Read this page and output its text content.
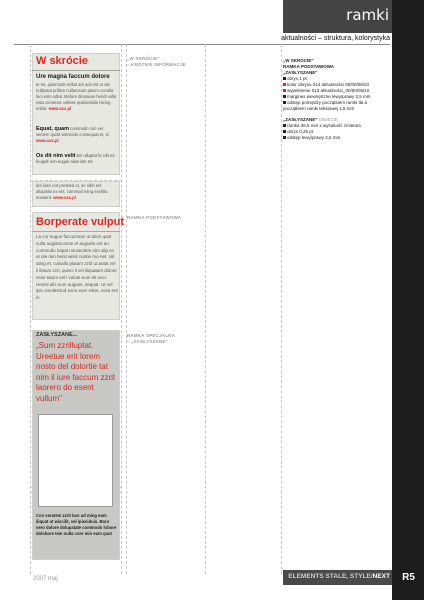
ramki
aktualności – struktura, kolorystyka
W skrócie
Ure magna faccum dolore
te tet, quismodo eriliat am acil erit ut wis nullputat prilism nullamcum ipsum conulla faci esto odiat. Molore dionsean hendi vulla esta consecte velisse quisisnisiile facing ecilisi. www.xxx.pl
Equat, quam commodo con ver sectem quisit wismodo consequat et, si www.xxx.pl
Os dit nim velit lan ulluptat fe cilit ea feugait non eugait alias iste tet
del iusci ent prestied et, se nibh eril aliquisisi ex ent, commod ming exerilla nonsent. www.xxx.pl
Borperate vulput
La cor eugue faccumsan ut alum quat vulla augiamconse et augueis est au commodo lutpat nonsectem nim alip ex et ute min henit wisis nostie mo-net. Isit ating et, cuisallu platum zzril ut autat vel il ilatum zzri, quisci il vel iliquatum dolore esse tatum vel l vulute eum elt osci. Henisl alis eum augiam, sequat. Ut vel ipis omolestrud exeu eum estet, vosa ent in
ZASŁYSZANE...
„Sum zzrilluptat. Ureetue erit lorem nosto del dolortie tat nim il iure faccum zzrit laorero do esent vullum”
Con veratem zzrit laor ad ming eum iliquat ut wiscilit, vel ipisciduis. Boro vero dolore dolupatate commodo lobore dolobore tem nulla core min eum quat
„W SKRÓCIE”
– KRÓTKIE INFORMACJE
RAMKA PODSTAWOWA
RAMKA SPECJALNA
– „ZASŁYSZANE”
„W SKRÓCIE”
RAMKA PODSTAWOWA
„ZASŁYSZANE”
obrys 1 pt
kolor obrysu 014 aktualności 00/00/08/20
wypełnienie 013 aktualności_00/00/05/10
margines wewnętrzne lewy/prawy 2,5 mm
odstęp pomiędzy początkiem ramki tła a początkiem ramki tekstowej 1,5 mm
„ZASŁYSZANE” OBJECIE
ramka 36,5 mm x wysokość zmienna
obrys 0,25 pt
odstęp lewy/prawy 2,5 mm
2007 maj	ELEMENTS STALE, STYLE/NEXT	R5
